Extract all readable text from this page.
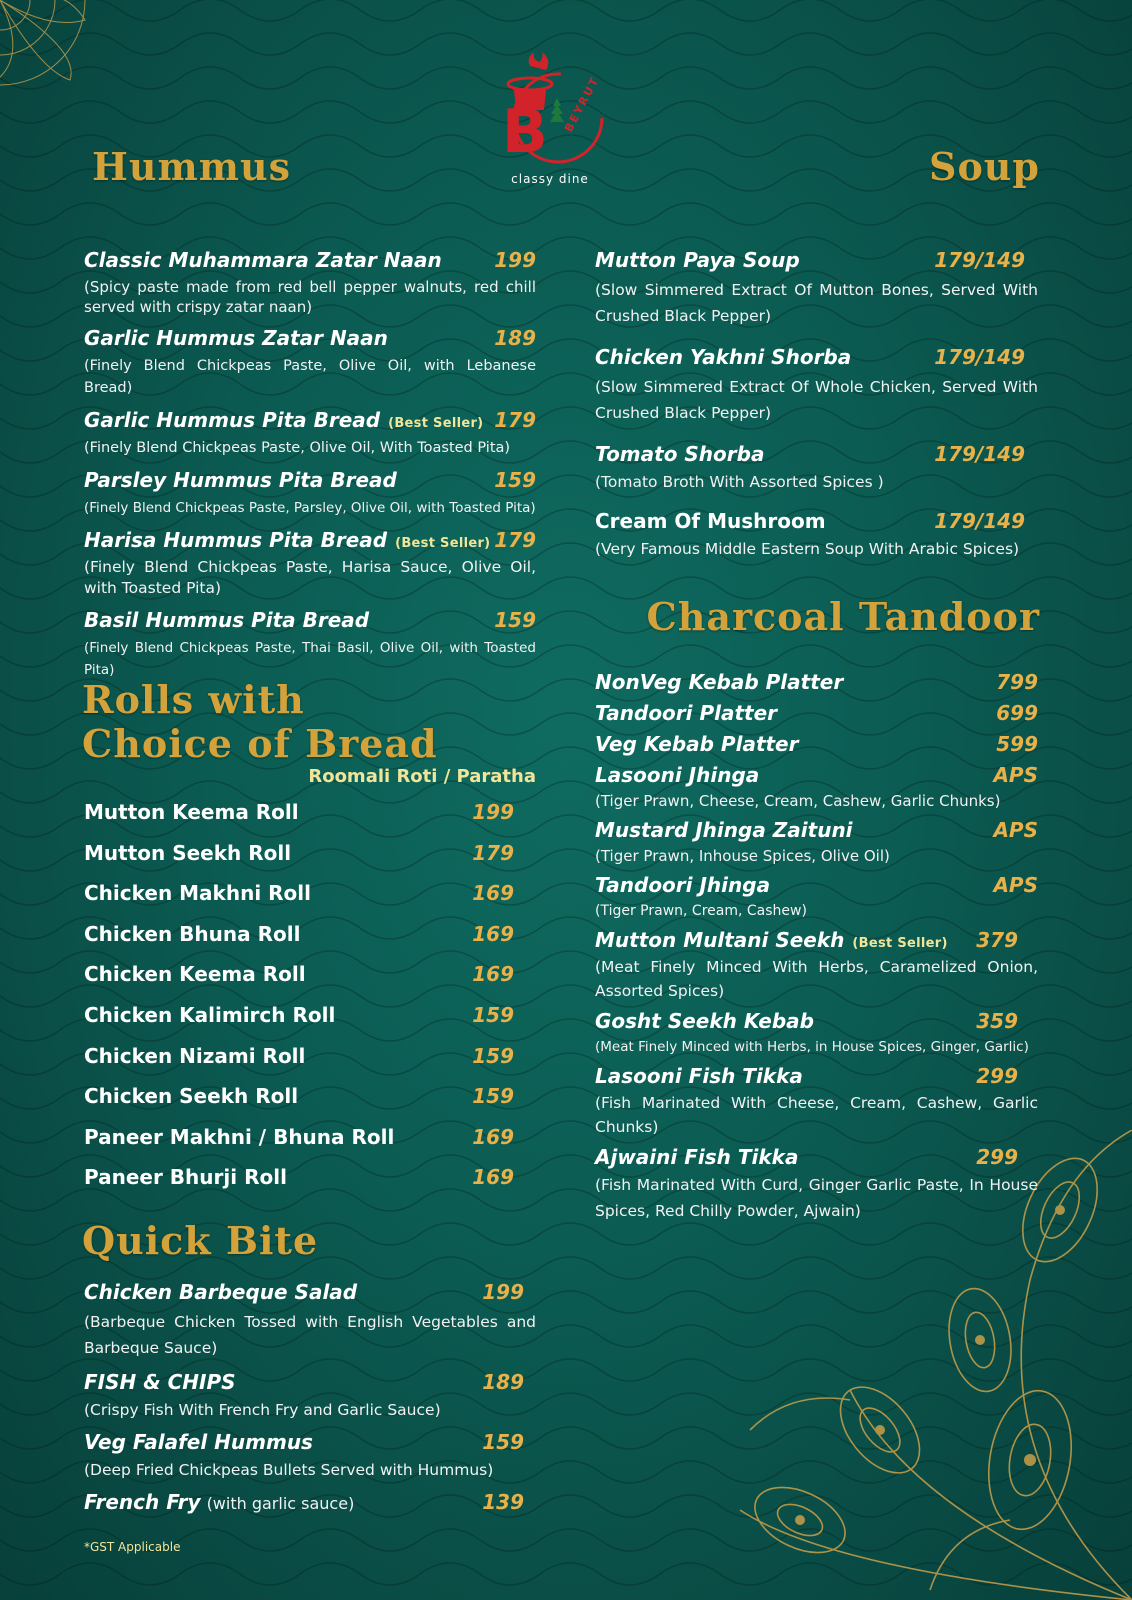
B BEYRUT
classy dine
Hummus	Soup
Rolls with
Choice of Bread
Quick Bite
Charcoal Tandoor
Classic Muhammara Zatar Naan	199
(Spicy paste made from red bell pepper walnuts, red chill served with crispy zatar naan)
Garlic Hummus Zatar Naan	189
(Finely Blend Chickpeas Paste, Olive Oil, with Lebanese Bread)
Garlic Hummus Pita Bread (Best Seller) 179
(Finely Blend Chickpeas Paste, Olive Oil, With Toasted Pita)
Parsley Hummus Pita Bread	159
(Finely Blend Chickpeas Paste, Parsley, Olive Oil, with Toasted Pita)
Harisa Hummus Pita Bread (Best Seller) 179
(Finely Blend Chickpeas Paste, Harisa Sauce, Olive Oil, with Toasted Pita)
Basil Hummus Pita Bread	159
(Finely Blend Chickpeas Paste, Thai Basil, Olive Oil, with Toasted Pita)
Roomali Roti / Paratha
Mutton Keema Roll	199
Mutton Seekh Roll	179
Chicken Makhni Roll	169
Chicken Bhuna Roll	169
Chicken Keema Roll	169
Chicken Kalimirch Roll	159
Chicken Nizami Roll	159
Chicken Seekh Roll	159
Paneer Makhni / Bhuna Roll	169
Paneer Bhurji Roll	169
Chicken Barbeque Salad	199
(Barbeque Chicken Tossed with English Vegetables and Barbeque Sauce)
FISH & CHIPS	189
(Crispy Fish With French Fry and Garlic Sauce)
Veg Falafel Hummus	159
(Deep Fried Chickpeas Bullets Served with Hummus)
French Fry (with garlic sauce)	139
*GST Applicable
Mutton Paya Soup	179/149
(Slow Simmered Extract Of Mutton Bones, Served With Crushed Black Pepper)
Chicken Yakhni Shorba	179/149
(Slow Simmered Extract Of Whole Chicken, Served With Crushed Black Pepper)
Tomato Shorba	179/149
(Tomato Broth With Assorted Spices )
Cream Of Mushroom	179/149
(Very Famous Middle Eastern Soup With Arabic Spices)
NonVeg Kebab Platter	799
Tandoori Platter	699
Veg Kebab Platter	599
Lasooni Jhinga	APS
(Tiger Prawn, Cheese, Cream, Cashew, Garlic Chunks)
Mustard Jhinga Zaituni	APS
(Tiger Prawn, Inhouse Spices, Olive Oil)
Tandoori Jhinga	APS
(Tiger Prawn, Cream, Cashew)
Mutton Multani Seekh (Best Seller) 379
(Meat Finely Minced With Herbs, Caramelized Onion, Assorted Spices)
Gosht Seekh Kebab	359
(Meat Finely Minced with Herbs, in House Spices, Ginger, Garlic)
Lasooni Fish Tikka	299
(Fish Marinated With Cheese, Cream, Cashew, Garlic Chunks)
Ajwaini Fish Tikka	299
(Fish Marinated With Curd, Ginger Garlic Paste, In House Spices, Red Chilly Powder, Ajwain)
